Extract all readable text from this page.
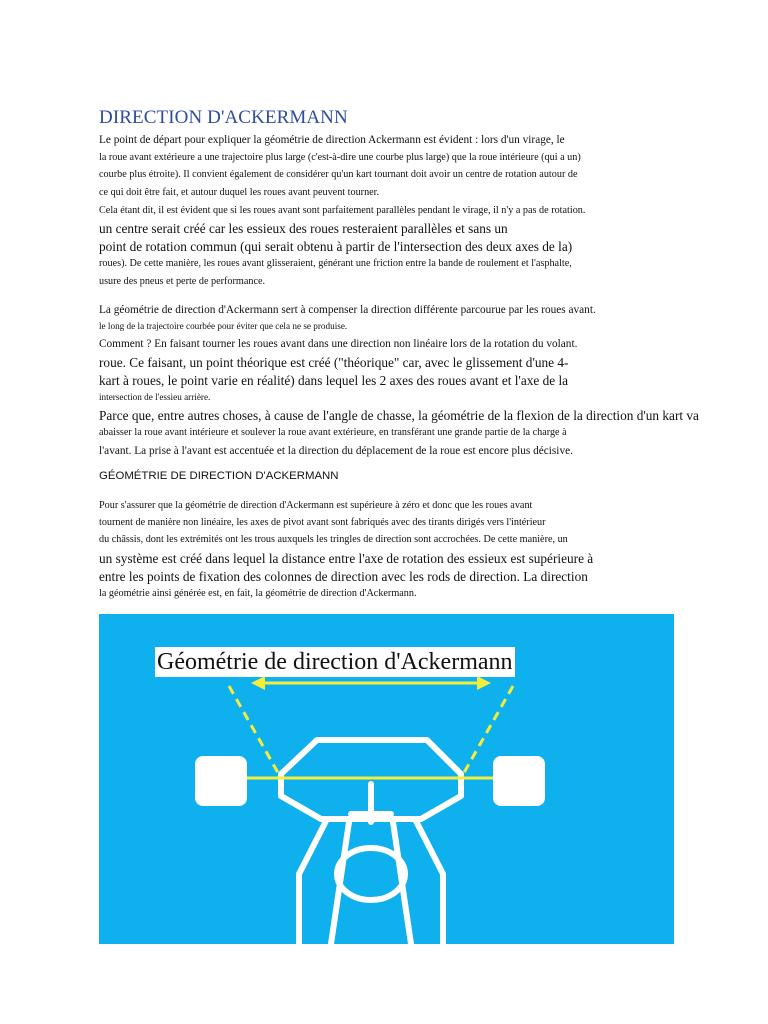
DIRECTION D'ACKERMANN

Le point de départ pour expliquer la géométrie de direction Ackermann est évident : lors d'un virage, le

la roue avant extérieure a une trajectoire plus large (c'est-à-dire une courbe plus large) que la roue intérieure (qui a un)

courbe plus étroite). Il convient également de considérer qu'un kart tournant doit avoir un centre de rotation autour de

ce qui doit être fait, et autour duquel les roues avant peuvent tourner.

Cela étant dit, il est évident que si les roues avant sont parfaitement parallèles pendant le virage, il n'y a pas de rotation.

un centre serait créé car les essieux des roues resteraient parallèles et sans un

point de rotation commun (qui serait obtenu à partir de l'intersection des deux axes de la)

roues). De cette manière, les roues avant glisseraient, générant une friction entre la bande de roulement et l'asphalte,

usure des pneus et perte de performance.

La géométrie de direction d'Ackermann sert à compenser la direction différente parcourue par les roues avant.

le long de la trajectoire courbée pour éviter que cela ne se produise.

Comment ? En faisant tourner les roues avant dans une direction non linéaire lors de la rotation du volant.

roue. Ce faisant, un point théorique est créé ("théorique" car, avec le glissement d'une 4-

kart à roues, le point varie en réalité) dans lequel les 2 axes des roues avant et l'axe de la

intersection de l'essieu arrière.

Parce que, entre autres choses, à cause de l'angle de chasse, la géométrie de la flexion de la direction d'un kart va

abaisser la roue avant intérieure et soulever la roue avant extérieure, en transférant une grande partie de la charge à

l'avant. La prise à l'avant est accentuée et la direction du déplacement de la roue est encore plus décisive.

GÉOMÉTRIE DE DIRECTION D'ACKERMANN

Pour s'assurer que la géométrie de direction d'Ackermann est supérieure à zéro et donc que les roues avant

tournent de manière non linéaire, les axes de pivot avant sont fabriqués avec des tirants dirigés vers l'intérieur

du châssis, dont les extrémités ont les trous auxquels les tringles de direction sont accrochées. De cette manière, un

un système est créé dans lequel la distance entre l'axe de rotation des essieux est supérieure à

entre les points de fixation des colonnes de direction avec les rods de direction. La direction

la géométrie ainsi générée est, en fait, la géométrie de direction d'Ackermann.

Géométrie de direction d'Ackermann
